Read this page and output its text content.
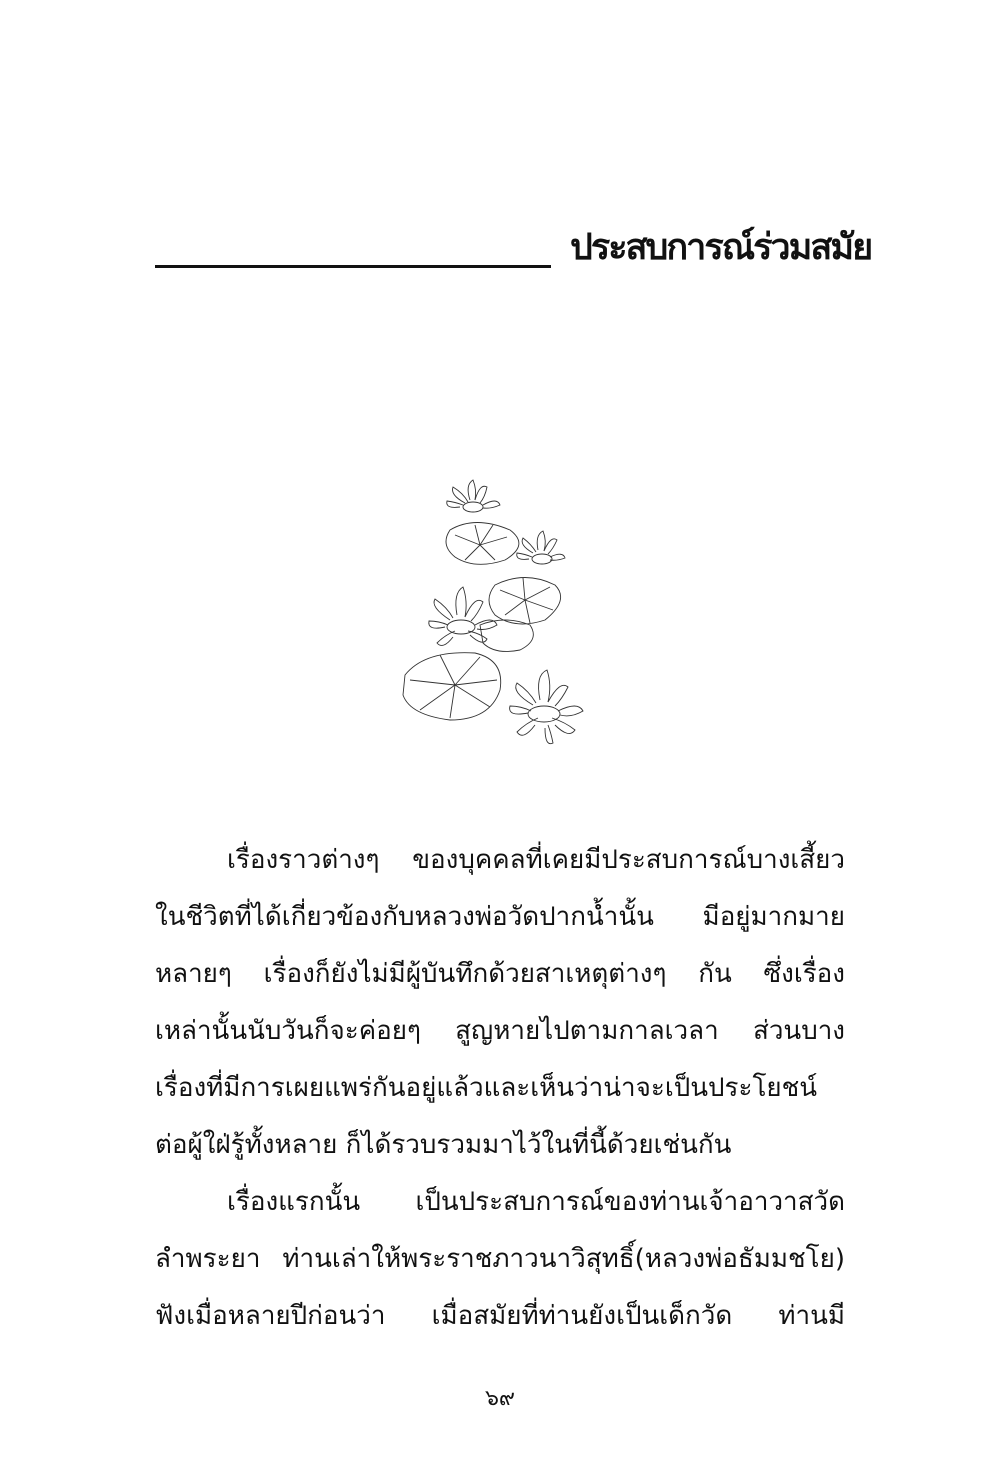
ประสบการณ์ร่วมสมัย
เรื่องราวต่างๆ ของบุคคลที่เคยมีประสบการณ์บางเสี้ยว
ในชีวิตที่ได้เกี่ยวข้องกับหลวงพ่อวัดปากน้ำนั้น มีอยู่มากมาย
หลายๆ เรื่องก็ยังไม่มีผู้บันทึกด้วยสาเหตุต่างๆ กัน ซึ่งเรื่อง
เหล่านั้นนับวันก็จะค่อยๆ สูญหายไปตามกาลเวลา ส่วนบาง
เรื่องที่มีการเผยแพร่กันอยู่แล้วและเห็นว่าน่าจะเป็นประโยชน์
ต่อผู้ใฝ่รู้ทั้งหลาย ก็ได้รวบรวมมาไว้ในที่นี้ด้วยเช่นกัน
เรื่องแรกนั้น เป็นประสบการณ์ของท่านเจ้าอาวาสวัด
ลำพระยา ท่านเล่าให้พระราชภาวนาวิสุทธิ์(หลวงพ่อธัมมชโย)
ฟังเมื่อหลายปีก่อนว่า เมื่อสมัยที่ท่านยังเป็นเด็กวัด ท่านมี
๖๙
